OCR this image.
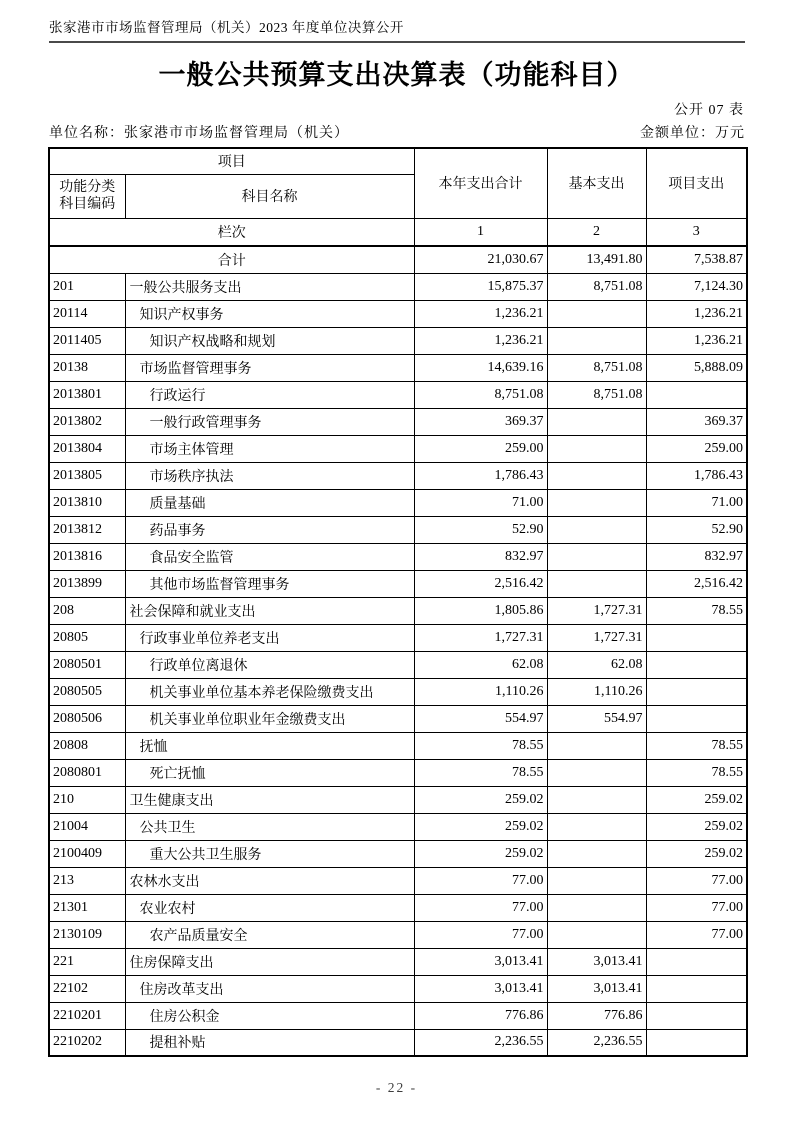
张家港市市场监督管理局（机关）2023 年度单位决算公开
一般公共预算支出决算表（功能科目）
公开 07 表
单位名称：张家港市市场监督管理局（机关）	金额单位：万元
项目		本年支出合计	基本支出	项目支出

功能分类
科目编码	科目名称			
栏次		1	2	3
合计		21,030.67	13,491.80	7,538.87
201	一般公共服务支出	15,875.37	8,751.08	7,124.30
20114	知识产权事务	1,236.21		1,236.21
2011405	知识产权战略和规划	1,236.21		1,236.21
20138	市场监督管理事务	14,639.16	8,751.08	5,888.09
2013801	行政运行	8,751.08	8,751.08	
2013802	一般行政管理事务	369.37		369.37
2013804	市场主体管理	259.00		259.00
2013805	市场秩序执法	1,786.43		1,786.43
2013810	质量基础	71.00		71.00
2013812	药品事务	52.90		52.90
2013816	食品安全监管	832.97		832.97
2013899	其他市场监督管理事务	2,516.42		2,516.42
208	社会保障和就业支出	1,805.86	1,727.31	78.55
20805	行政事业单位养老支出	1,727.31	1,727.31	
2080501	行政单位离退休	62.08	62.08	
2080505	机关事业单位基本养老保险缴费支出	1,110.26	1,110.26	
2080506	机关事业单位职业年金缴费支出	554.97	554.97	
20808	抚恤	78.55		78.55
2080801	死亡抚恤	78.55		78.55
210	卫生健康支出	259.02		259.02
21004	公共卫生	259.02		259.02
2100409	重大公共卫生服务	259.02		259.02
213	农林水支出	77.00		77.00
21301	农业农村	77.00		77.00
2130109	农产品质量安全	77.00		77.00
221	住房保障支出	3,013.41	3,013.41	
22102	住房改革支出	3,013.41	3,013.41	
2210201	住房公积金	776.86	776.86	
2210202	提租补贴	2,236.55	2,236.55	
- 22 -
